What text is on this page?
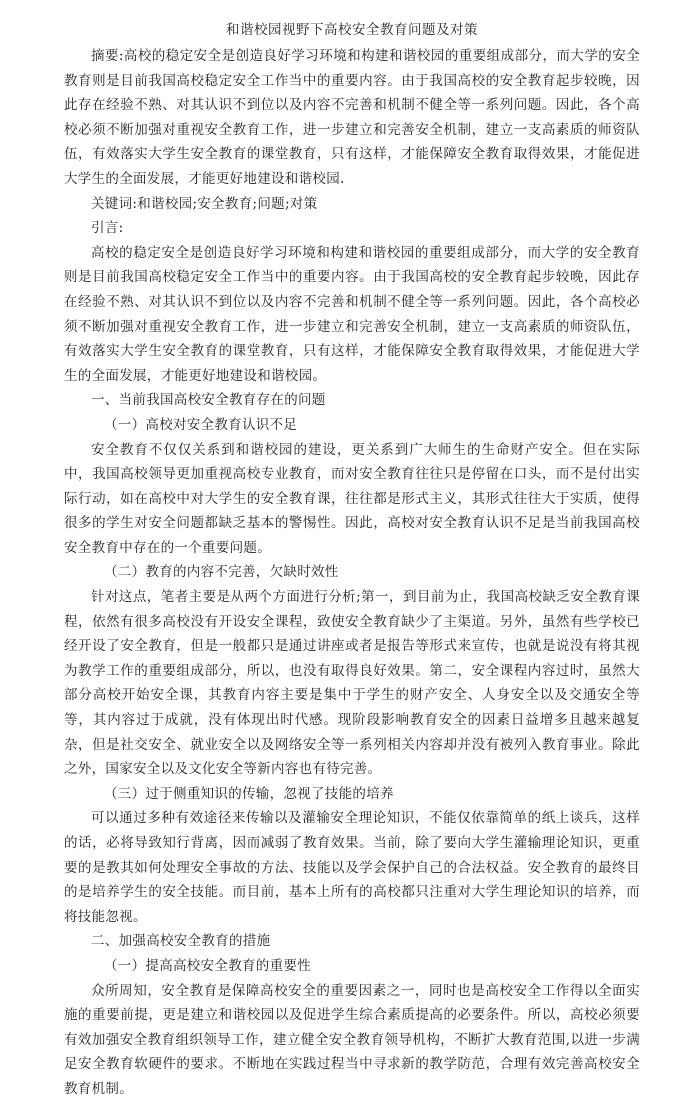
和谐校园视野下高校安全教育问题及对策

摘要:高校的稳定安全是创造良好学习环境和构建和谐校园的重要组成部分，而大学的安全教育则是目前我国高校稳定安全工作当中的重要内容。由于我国高校的安全教育起步较晚，因此存在经验不熟、对其认识不到位以及内容不完善和机制不健全等一系列问题。因此，各个高校必须不断加强对重视安全教育工作，进一步建立和完善安全机制，建立一支高素质的师资队伍，有效落实大学生安全教育的课堂教育，只有这样，才能保障安全教育取得效果，才能促进大学生的全面发展，才能更好地建设和谐校园.

关键词:和谐校园;安全教育;问题;对策

引言:

高校的稳定安全是创造良好学习环境和构建和谐校园的重要组成部分，而大学的安全教育则是目前我国高校稳定安全工作当中的重要内容。由于我国高校的安全教育起步较晚，因此存在经验不熟、对其认识不到位以及内容不完善和机制不健全等一系列问题。因此，各个高校必须不断加强对重视安全教育工作，进一步建立和完善安全机制，建立一支高素质的师资队伍，有效落实大学生安全教育的课堂教育，只有这样，才能保障安全教育取得效果，才能促进大学生的全面发展，才能更好地建设和谐校园。

一、当前我国高校安全教育存在的问题

（一）高校对安全教育认识不足

安全教育不仅仅关系到和谐校园的建设，更关系到广大师生的生命财产安全。但在实际中，我国高校领导更加重视高校专业教育，而对安全教育往往只是停留在口头，而不是付出实际行动，如在高校中对大学生的安全教育课，往往都是形式主义，其形式往往大于实质，使得很多的学生对安全问题都缺乏基本的警惕性。因此，高校对安全教育认识不足是当前我国高校安全教育中存在的一个重要问题。

（二）教育的内容不完善，欠缺时效性

针对这点，笔者主要是从两个方面进行分析;第一，到目前为止，我国高校缺乏安全教育课程，依然有很多高校没有开设安全课程，致使安全教育缺少了主渠道。另外，虽然有些学校已经开设了安全教育，但是一般都只是通过讲座或者是报告等形式来宣传，也就是说没有将其视为教学工作的重要组成部分，所以，也没有取得良好效果。第二，安全课程内容过时，虽然大部分高校开始安全课，其教育内容主要是集中于学生的财产安全、人身安全以及交通安全等等，其内容过于成就，没有体现出时代感。现阶段影响教育安全的因素日益增多且越来越复杂，但是社交安全、就业安全以及网络安全等一系列相关内容却并没有被列入教育事业。除此之外，国家安全以及文化安全等新内容也有待完善。

（三）过于侧重知识的传输，忽视了技能的培养

可以通过多种有效途径来传输以及灌输安全理论知识，不能仅依靠简单的纸上谈兵，这样的话，必将导致知行背离，因而减弱了教育效果。当前，除了要向大学生灌输理论知识，更重要的是教其如何处理安全事故的方法、技能以及学会保护自己的合法权益。安全教育的最终目的是培养学生的安全技能。而目前，基本上所有的高校都只注重对大学生理论知识的培养，而将技能忽视。

二、加强高校安全教育的措施

（一）提高高校安全教育的重要性

众所周知，安全教育是保障高校安全的重要因素之一，同时也是高校安全工作得以全面实施的重要前提，更是建立和谐校园以及促进学生综合素质提高的必要条件。所以，高校必须要有效加强安全教育组织领导工作，建立健全安全教育领导机构，不断扩大教育范围,以进一步满足安全教育软硬件的要求。不断地在实践过程当中寻求新的教学防范，合理有效完善高校安全教育机制。
